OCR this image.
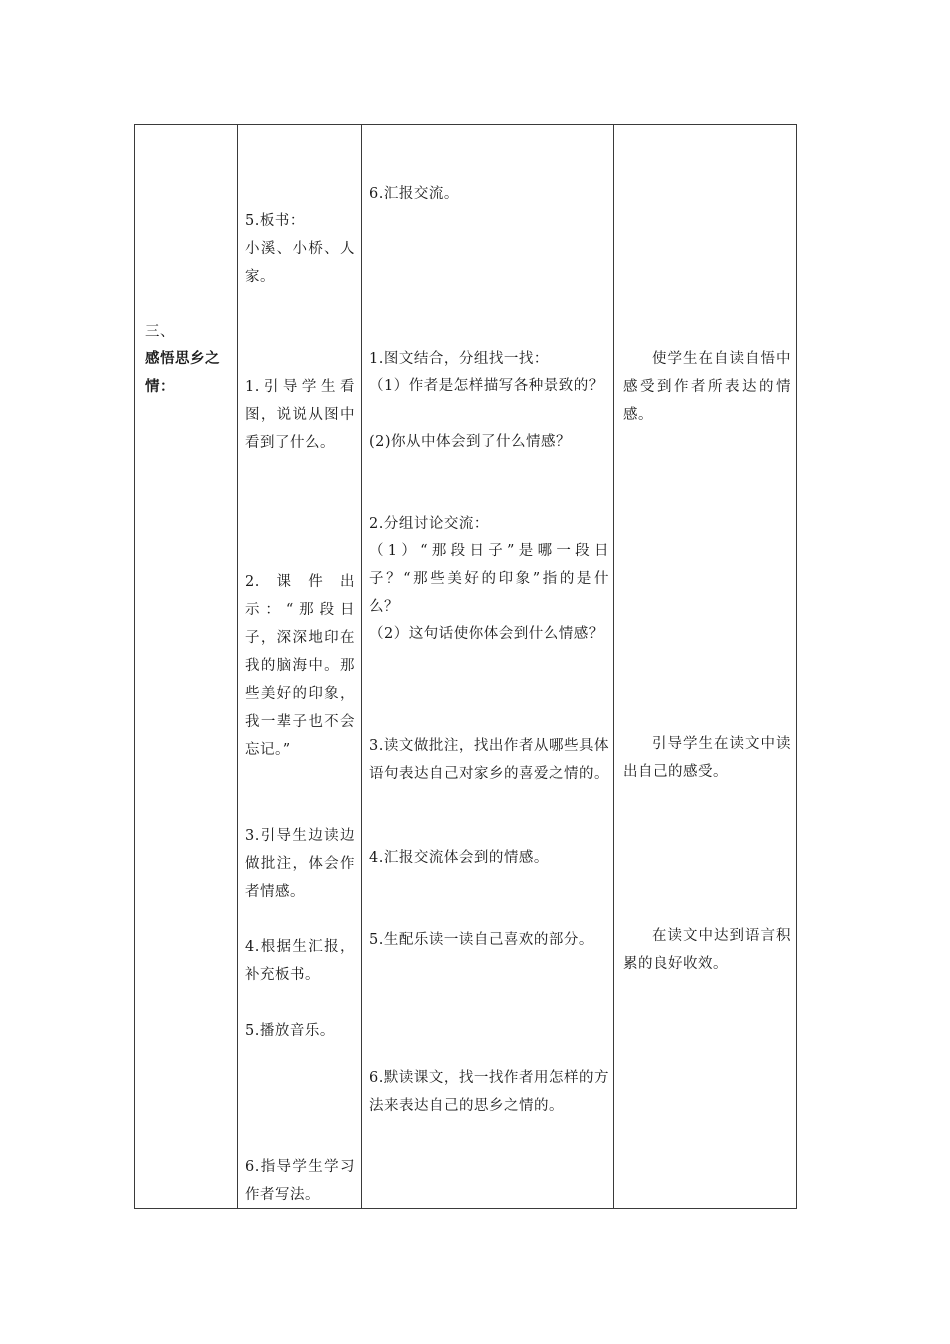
三、
感悟思乡之情：
5.板书：
小溪、小桥、人家。
1.引导学生看图，说说从图中看到了什么。
2.课件出示：“那段日子，深深地印在我的脑海中。那些美好的印象，我一辈子也不会忘记。”
3.引导生边读边做批注，体会作者情感。
4.根据生汇报，补充板书。
5.播放音乐。
6.指导学生学习作者写法。
6.汇报交流。
1.图文结合，分组找一找：
（1）作者是怎样描写各种景致的？
(2)你从中体会到了什么情感？
2.分组讨论交流：
（1）“那段日子”是哪一段日子？“那些美好的印象”指的是什么？
（2）这句话使你体会到什么情感？
3.读文做批注，找出作者从哪些具体语句表达自己对家乡的喜爱之情的。
4.汇报交流体会到的情感。
5.生配乐读一读自己喜欢的部分。
6.默读课文，找一找作者用怎样的方法来表达自己的思乡之情的。
使学生在自读自悟中感受到作者所表达的情感。
引导学生在读文中读出自己的感受。
在读文中达到语言积累的良好收效。
